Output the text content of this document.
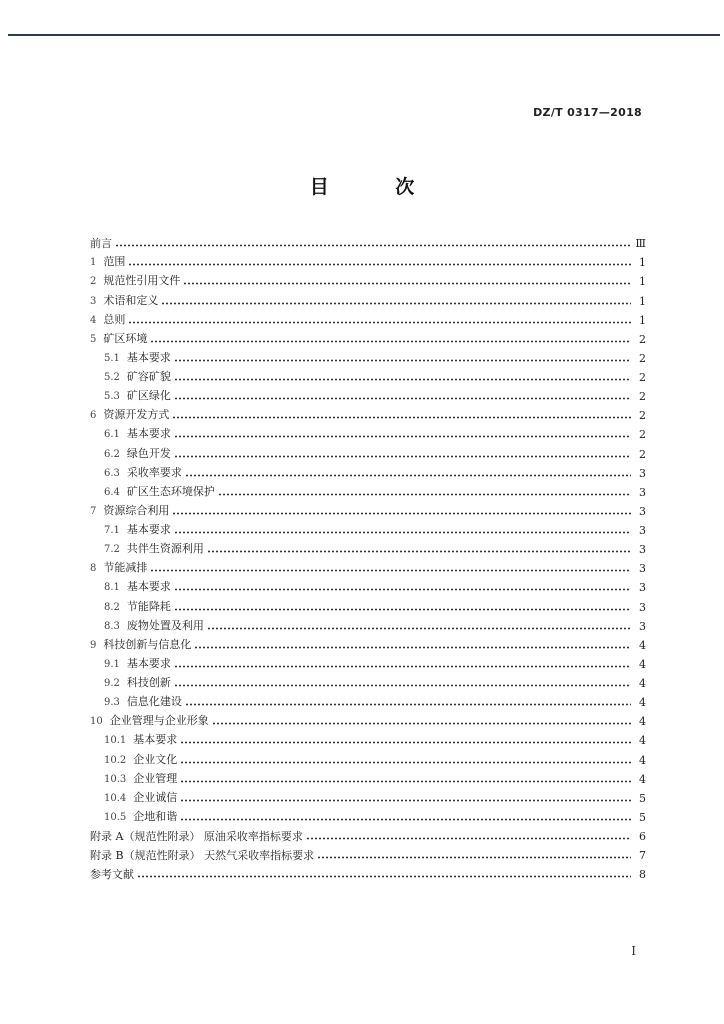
DZ/T 0317—2018
目 次
前言	Ⅲ
1 范围	1
2 规范性引用文件	1
3 术语和定义	1
4 总则	1
5 矿区环境	2
5.1 基本要求	2
5.2 矿容矿貌	2
5.3 矿区绿化	2
6 资源开发方式	2
6.1 基本要求	2
6.2 绿色开发	2
6.3 采收率要求	3
6.4 矿区生态环境保护	3
7 资源综合利用	3
7.1 基本要求	3
7.2 共伴生资源利用	3
8 节能减排	3
8.1 基本要求	3
8.2 节能降耗	3
8.3 废物处置及利用	3
9 科技创新与信息化	4
9.1 基本要求	4
9.2 科技创新	4
9.3 信息化建设	4
10 企业管理与企业形象	4
10.1 基本要求	4
10.2 企业文化	4
10.3 企业管理	4
10.4 企业诚信	5
10.5 企地和谐	5
附录 A（规范性附录） 原油采收率指标要求	6
附录 B（规范性附录） 天然气采收率指标要求	7
参考文献	8
I
